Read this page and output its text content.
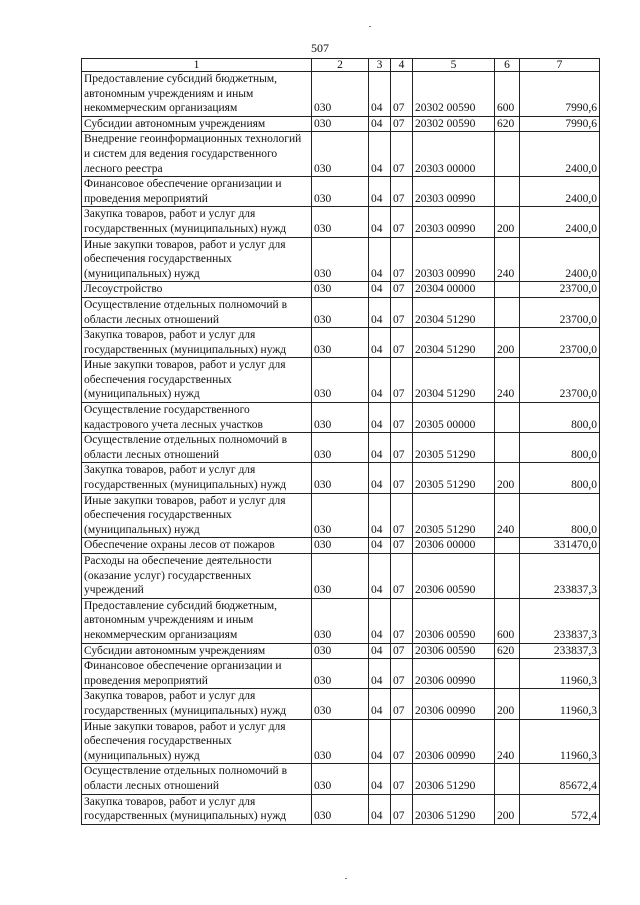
507
1	2	3	4	5	6	7
Предоставление субсидий бюджетным, автономным учреждениям и иным некоммерческим организациям	030	04	07	20302 00590	600	7990,6
Субсидии автономным учреждениям	030	04	07	20302 00590	620	7990,6
Внедрение геоинформационных технологий и систем для ведения государственного лесного реестра	030	04	07	20303 00000		2400,0
Финансовое обеспечение организации и проведения мероприятий	030	04	07	20303 00990		2400,0
Закупка товаров, работ и услуг для государственных (муниципальных) нужд	030	04	07	20303 00990	200	2400,0
Иные закупки товаров, работ и услуг для обеспечения государственных (муниципальных) нужд	030	04	07	20303 00990	240	2400,0
Лесоустройство	030	04	07	20304 00000		23700,0
Осуществление отдельных полномочий в области лесных отношений	030	04	07	20304 51290		23700,0
Закупка товаров, работ и услуг для государственных (муниципальных) нужд	030	04	07	20304 51290	200	23700,0
Иные закупки товаров, работ и услуг для обеспечения государственных (муниципальных) нужд	030	04	07	20304 51290	240	23700,0
Осуществление государственного кадастрового учета лесных участков	030	04	07	20305 00000		800,0
Осуществление отдельных полномочий в области лесных отношений	030	04	07	20305 51290		800,0
Закупка товаров, работ и услуг для государственных (муниципальных) нужд	030	04	07	20305 51290	200	800,0
Иные закупки товаров, работ и услуг для обеспечения государственных (муниципальных) нужд	030	04	07	20305 51290	240	800,0
Обеспечение охраны лесов от пожаров	030	04	07	20306 00000		331470,0
Расходы на обеспечение деятельности (оказание услуг) государственных учреждений	030	04	07	20306 00590		233837,3
Предоставление субсидий бюджетным, автономным учреждениям и иным некоммерческим организациям	030	04	07	20306 00590	600	233837,3
Субсидии автономным учреждениям	030	04	07	20306 00590	620	233837,3
Финансовое обеспечение организации и проведения мероприятий	030	04	07	20306 00990		11960,3
Закупка товаров, работ и услуг для государственных (муниципальных) нужд	030	04	07	20306 00990	200	11960,3
Иные закупки товаров, работ и услуг для обеспечения государственных (муниципальных) нужд	030	04	07	20306 00990	240	11960,3
Осуществление отдельных полномочий в области лесных отношений	030	04	07	20306 51290		85672,4
Закупка товаров, работ и услуг для государственных (муниципальных) нужд	030	04	07	20306 51290	200	572,4
